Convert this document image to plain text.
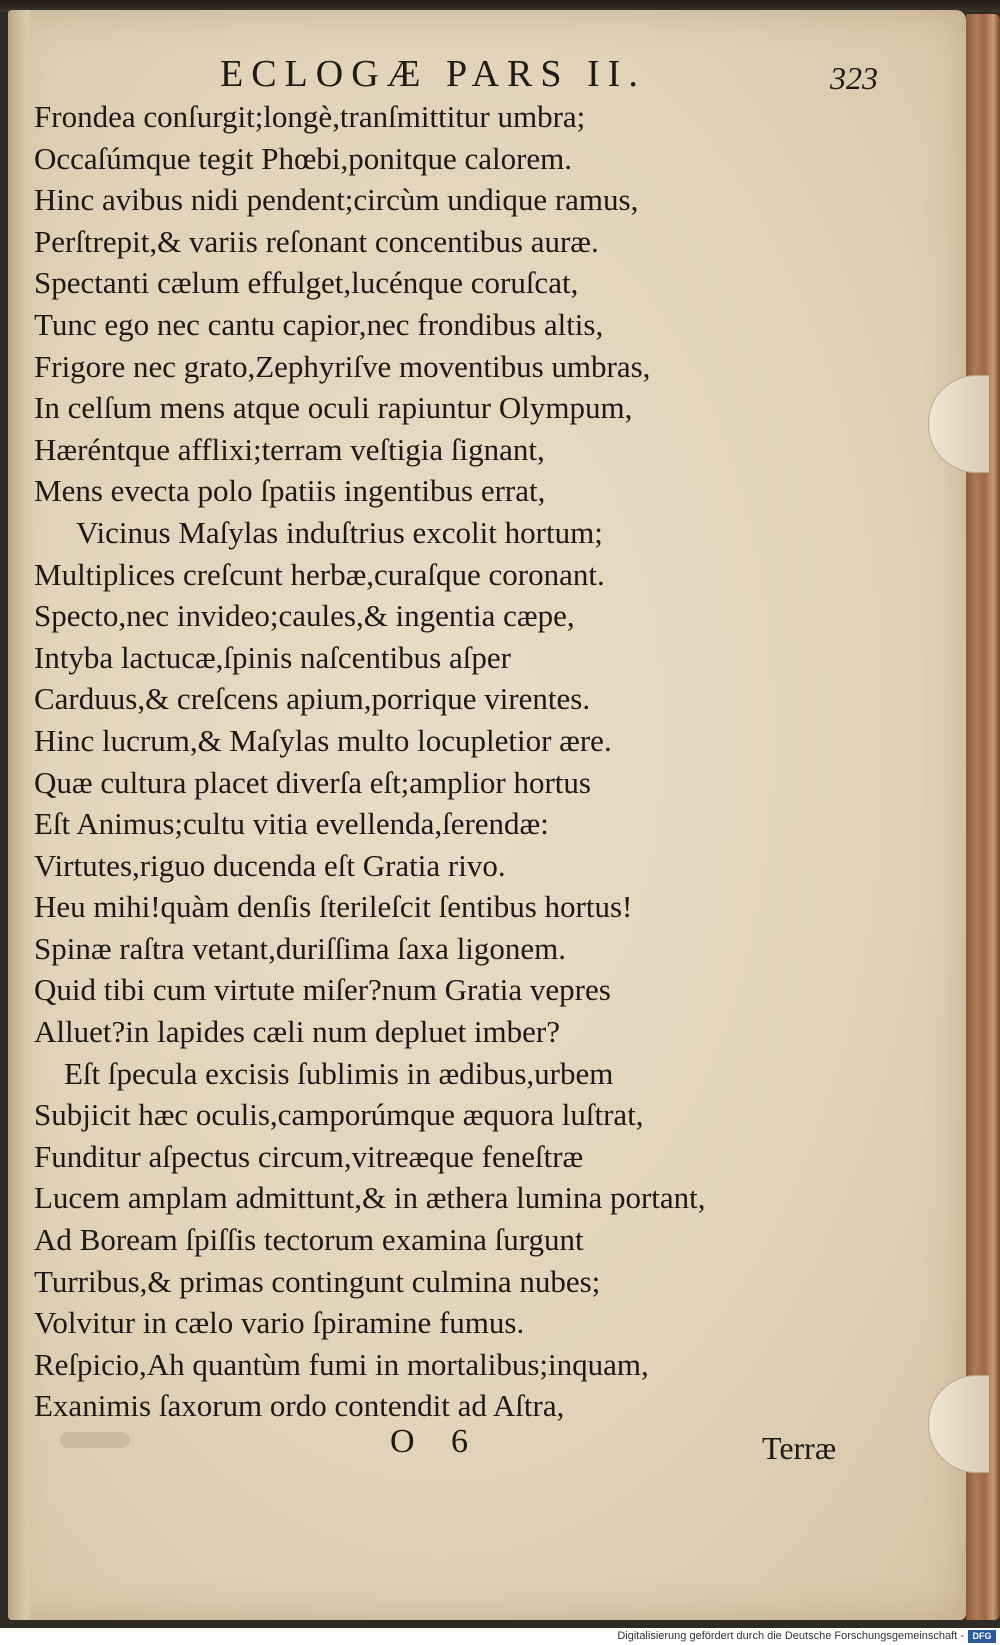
ECLOGÆ PARS II.	323
Frondea conſurgit;longè,tranſmittitur umbra;
Occaſúmque tegit Phœbi,ponitque calorem.
Hinc avibus nidi pendent;circùm undique ramus,
Perſtrepit,& variis reſonant concentibus auræ.
Spectanti cælum effulget,lucénque coruſcat,
Tunc ego nec cantu capior,nec frondibus altis,
Frigore nec grato,Zephyriſve moventibus umbras,
In celſum mens atque oculi rapiuntur Olympum,
Hæréntque afflixi;terram veſtigia ſignant,
Mens evecta polo ſpatiis ingentibus errat,
Vicinus Maſylas induſtrius excolit hortum;
Multiplices creſcunt herbæ,curaſque coronant.
Specto,nec invideo;caules,& ingentia cæpe,
Intyba lactucæ,ſpinis naſcentibus aſper
Carduus,& creſcens apium,porrique virentes.
Hinc lucrum,& Maſylas multo locupletior ære.
Quæ cultura placet diverſa eſt;amplior hortus
Eſt Animus;cultu vitia evellenda,ſerendæ:
Virtutes,riguo ducenda eſt Gratia rivo.
Heu mihi!quàm denſis ſterileſcit ſentibus hortus!
Spinæ raſtra vetant,duriſſima ſaxa ligonem.
Quid tibi cum virtute miſer?num Gratia vepres
Alluet?in lapides cæli num depluet imber?
Eſt ſpecula excisis ſublimis in ædibus,urbem
Subjicit hæc oculis,camporúmque æquora luſtrat,
Funditur aſpectus circum,vitreæque feneſtræ
Lucem amplam admittunt,& in æthera lumina portant,
Ad Boream ſpiſſis tectorum examina ſurgunt
Turribus,& primas contingunt culmina nubes;
Volvitur in cælo vario ſpiramine fumus.
Reſpicio,Ah quantùm fumi in mortalibus;inquam,
Exanimis ſaxorum ordo contendit ad Aſtra,
O 6	Terræ
Digitalisierung gefördert durch die Deutsche Forschungsgemeinschaft - DFG
